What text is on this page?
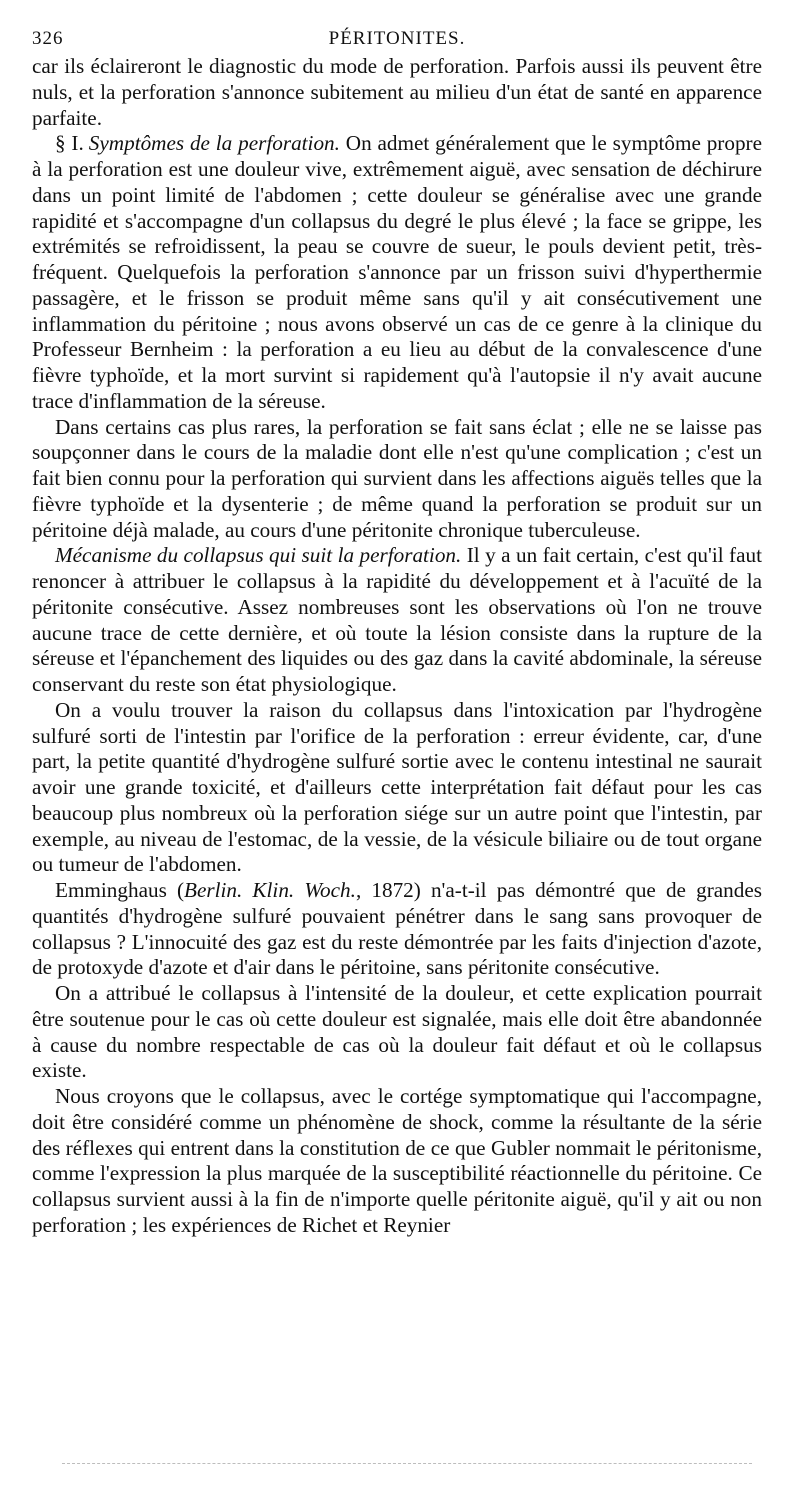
326	PÉRITONITES.

car ils éclaireront le diagnostic du mode de perforation. Parfois aussi ils peuvent être nuls, et la perforation s'annonce subitement au milieu d'un état de santé en apparence parfaite.

§ I. Symptômes de la perforation. On admet généralement que le symptôme propre à la perforation est une douleur vive, extrêmement aiguë, avec sensation de déchirure dans un point limité de l'abdomen ; cette douleur se généralise avec une grande rapidité et s'accompagne d'un collapsus du degré le plus élevé ; la face se grippe, les extrémités se refroidissent, la peau se couvre de sueur, le pouls devient petit, très-fréquent. Quelquefois la perforation s'annonce par un frisson suivi d'hyperthermie passagère, et le frisson se produit même sans qu'il y ait consécutivement une inflammation du péritoine ; nous avons observé un cas de ce genre à la clinique du Professeur Bernheim : la perforation a eu lieu au début de la convalescence d'une fièvre typhoïde, et la mort survint si rapidement qu'à l'autopsie il n'y avait aucune trace d'inflammation de la séreuse.

Dans certains cas plus rares, la perforation se fait sans éclat ; elle ne se laisse pas soupçonner dans le cours de la maladie dont elle n'est qu'une complication ; c'est un fait bien connu pour la perforation qui survient dans les affections aiguës telles que la fièvre typhoïde et la dysenterie ; de même quand la perforation se produit sur un péritoine déjà malade, au cours d'une péritonite chronique tuberculeuse.

Mécanisme du collapsus qui suit la perforation. Il y a un fait certain, c'est qu'il faut renoncer à attribuer le collapsus à la rapidité du développement et à l'acuïté de la péritonite consécutive. Assez nombreuses sont les observations où l'on ne trouve aucune trace de cette dernière, et où toute la lésion consiste dans la rupture de la séreuse et l'épanchement des liquides ou des gaz dans la cavité abdominale, la séreuse conservant du reste son état physiologique.

On a voulu trouver la raison du collapsus dans l'intoxication par l'hydrogène sulfuré sorti de l'intestin par l'orifice de la perforation : erreur évidente, car, d'une part, la petite quantité d'hydrogène sulfuré sortie avec le contenu intestinal ne saurait avoir une grande toxicité, et d'ailleurs cette interprétation fait défaut pour les cas beaucoup plus nombreux où la perforation siége sur un autre point que l'intestin, par exemple, au niveau de l'estomac, de la vessie, de la vésicule biliaire ou de tout organe ou tumeur de l'abdomen.

Emminghaus (Berlin. Klin. Woch., 1872) n'a-t-il pas démontré que de grandes quantités d'hydrogène sulfuré pouvaient pénétrer dans le sang sans provoquer de collapsus ? L'innocuité des gaz est du reste démontrée par les faits d'injection d'azote, de protoxyde d'azote et d'air dans le péritoine, sans péritonite consécutive.

On a attribué le collapsus à l'intensité de la douleur, et cette explication pourrait être soutenue pour le cas où cette douleur est signalée, mais elle doit être abandonnée à cause du nombre respectable de cas où la douleur fait défaut et où le collapsus existe.

Nous croyons que le collapsus, avec le cortége symptomatique qui l'accompagne, doit être considéré comme un phénomène de shock, comme la résultante de la série des réflexes qui entrent dans la constitution de ce que Gubler nommait le péritonisme, comme l'expression la plus marquée de la susceptibilité réactionnelle du péritoine. Ce collapsus survient aussi à la fin de n'importe quelle péritonite aiguë, qu'il y ait ou non perforation ; les expériences de Richet et Reynier
